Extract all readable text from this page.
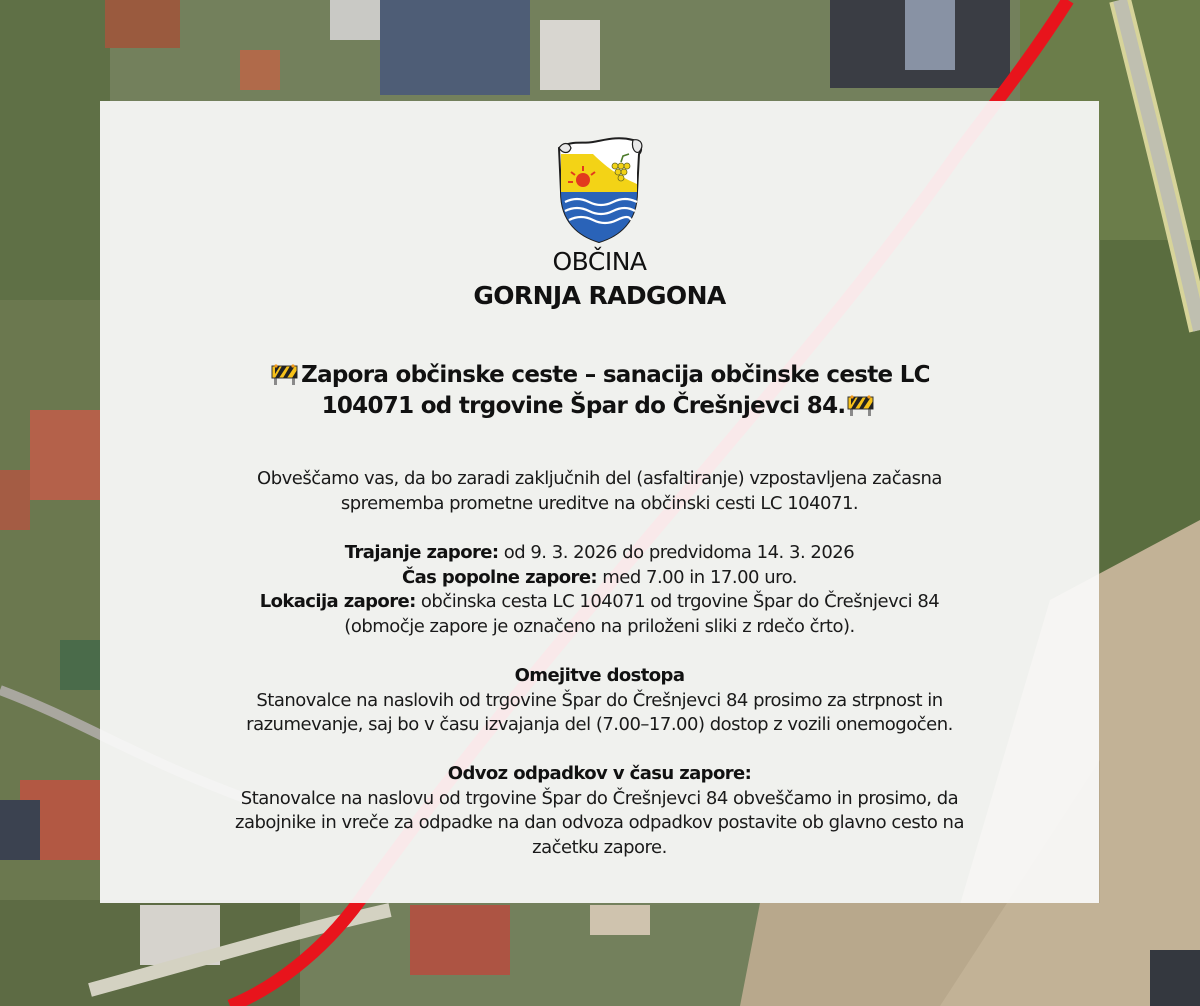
OBČINA
GORNJA RADGONA
Zapora občinske ceste – sanacija občinske ceste LC
104071 od trgovine Špar do Črešnjevci 84.
Obveščamo vas, da bo zaradi zaključnih del (asfaltiranje) vzpostavljena začasna
sprememba prometne ureditve na občinski cesti LC 104071.
Trajanje zapore: od 9. 3. 2026 do predvidoma 14. 3. 2026
Čas popolne zapore: med 7.00 in 17.00 uro.
Lokacija zapore: občinska cesta LC 104071 od trgovine Špar do Črešnjevci 84
(območje zapore je označeno na priloženi sliki z rdečo črto).
Omejitve dostopa
Stanovalce na naslovih od trgovine Špar do Črešnjevci 84 prosimo za strpnost in
razumevanje, saj bo v času izvajanja del (7.00–17.00) dostop z vozili onemogočen.
Odvoz odpadkov v času zapore:
Stanovalce na naslovu od trgovine Špar do Črešnjevci 84 obveščamo in prosimo, da
zabojnike in vreče za odpadke na dan odvoza odpadkov postavite ob glavno cesto na
začetku zapore.
